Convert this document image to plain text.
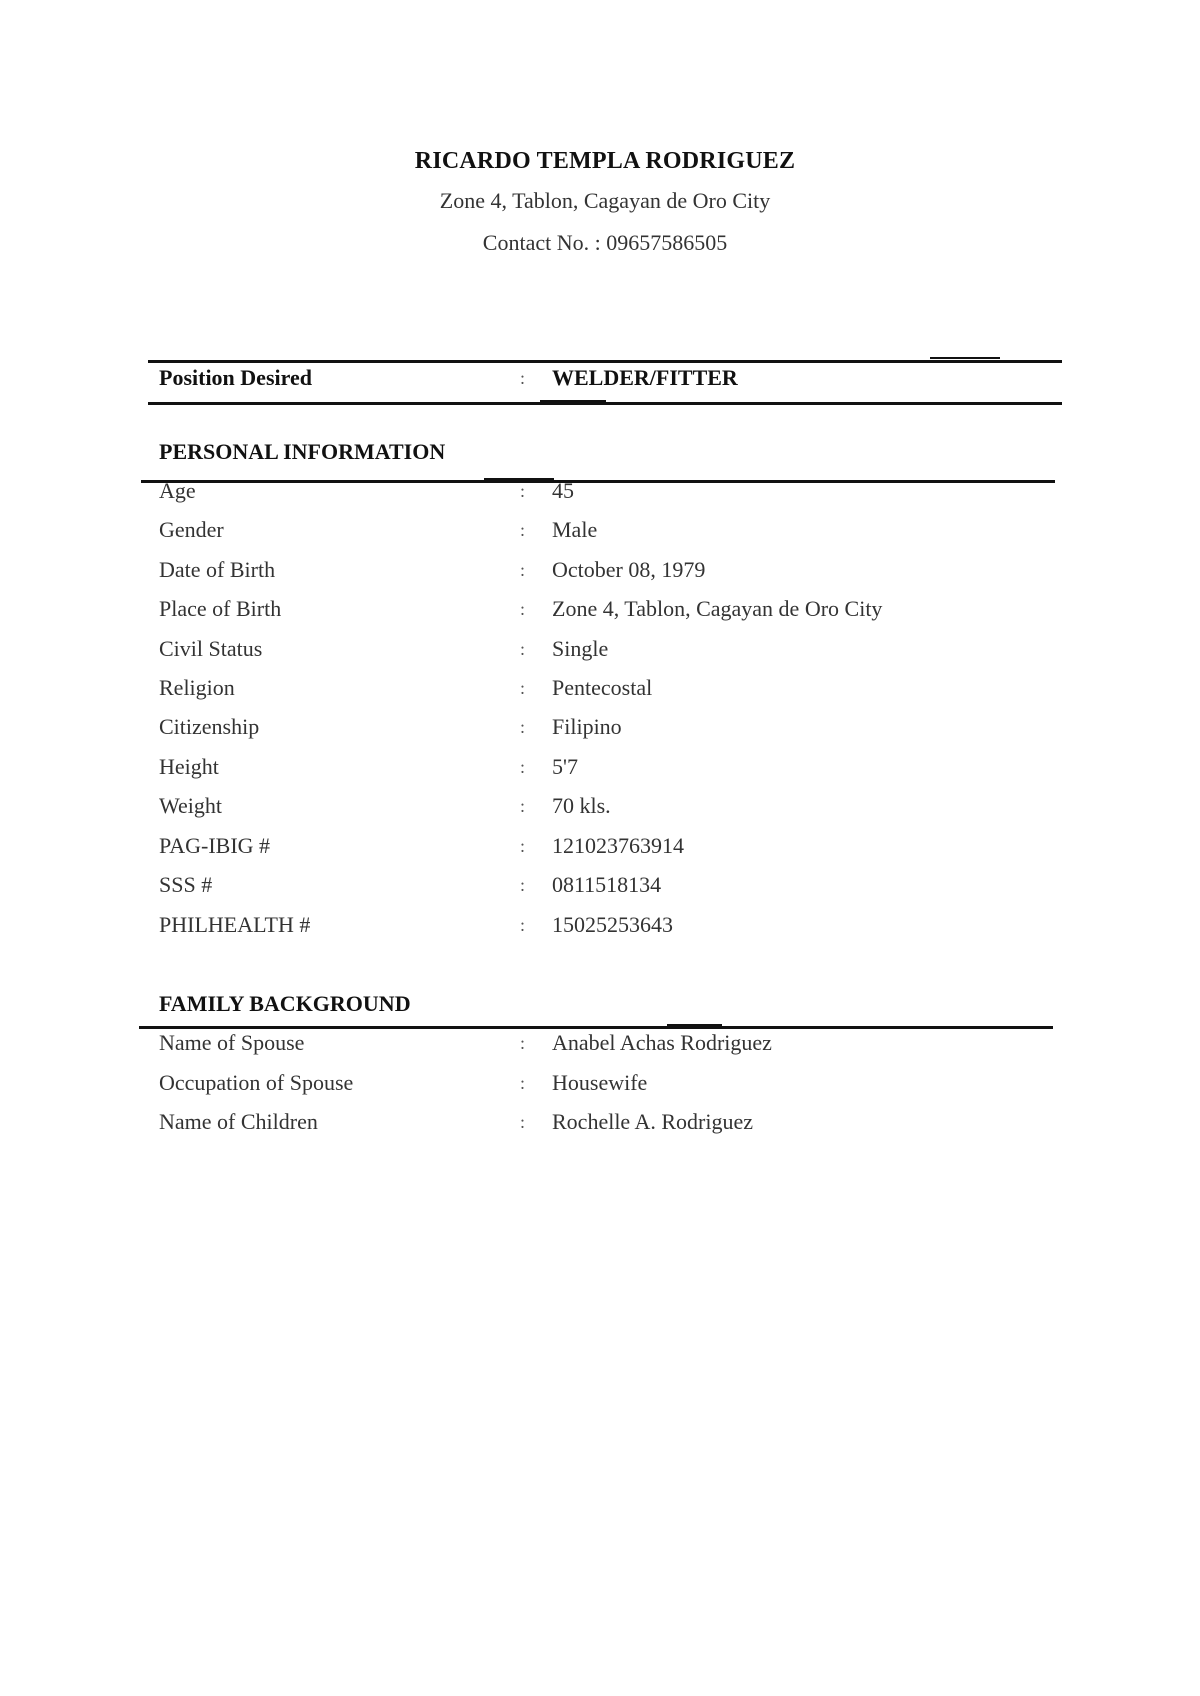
RICARDO TEMPLA RODRIGUEZ
Zone 4, Tablon, Cagayan de Oro City
Contact No. : 09657586505
Position Desired	: WELDER/FITTER
PERSONAL INFORMATION
Age	: 45
Gender	: Male
Date of Birth	: October 08, 1979
Place of Birth	: Zone 4, Tablon, Cagayan de Oro City
Civil Status	: Single
Religion	: Pentecostal
Citizenship	: Filipino
Height	: 5'7
Weight	: 70 kls.
PAG-IBIG #	: 121023763914
SSS #	: 0811518134
PHILHEALTH #	: 15025253643
FAMILY BACKGROUND
Name of Spouse	: Anabel Achas Rodriguez
Occupation of Spouse	: Housewife
Name of Children	: Rochelle A. Rodriguez
